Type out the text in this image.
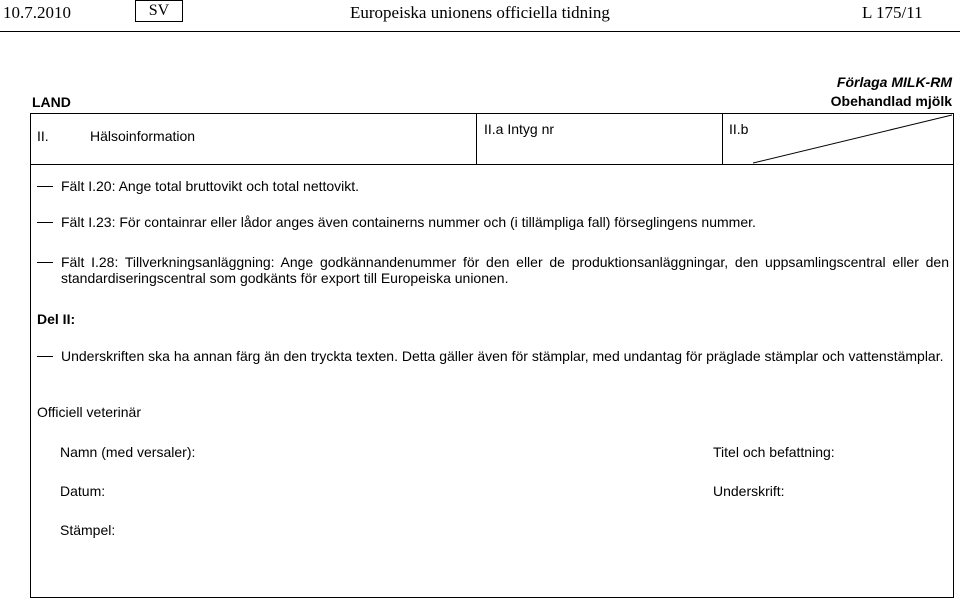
10.7.2010	SV	Europeiska unionens officiella tidning	L 175/11
Förlaga MILK-RM
Obehandlad mjölk
LAND
II.	Hälsoinformation	II.a Intyg nr	II.b
Fält I.20: Ange total bruttovikt och total nettovikt.
Fält I.23: För containrar eller lådor anges även containerns nummer och (i tillämpliga fall) förseglingens nummer.
Fält I.28: Tillverkningsanläggning: Ange godkännandenummer för den eller de produktionsanläggningar, den uppsamlingscentral eller den standardiseringscentral som godkänts för export till Europeiska unionen.
Del II:
Underskriften ska ha annan färg än den tryckta texten. Detta gäller även för stämplar, med undantag för präglade stämplar och vattenstämplar.
Officiell veterinär
Namn (med versaler):	Titel och befattning:
Datum:	Underskrift:
Stämpel:
